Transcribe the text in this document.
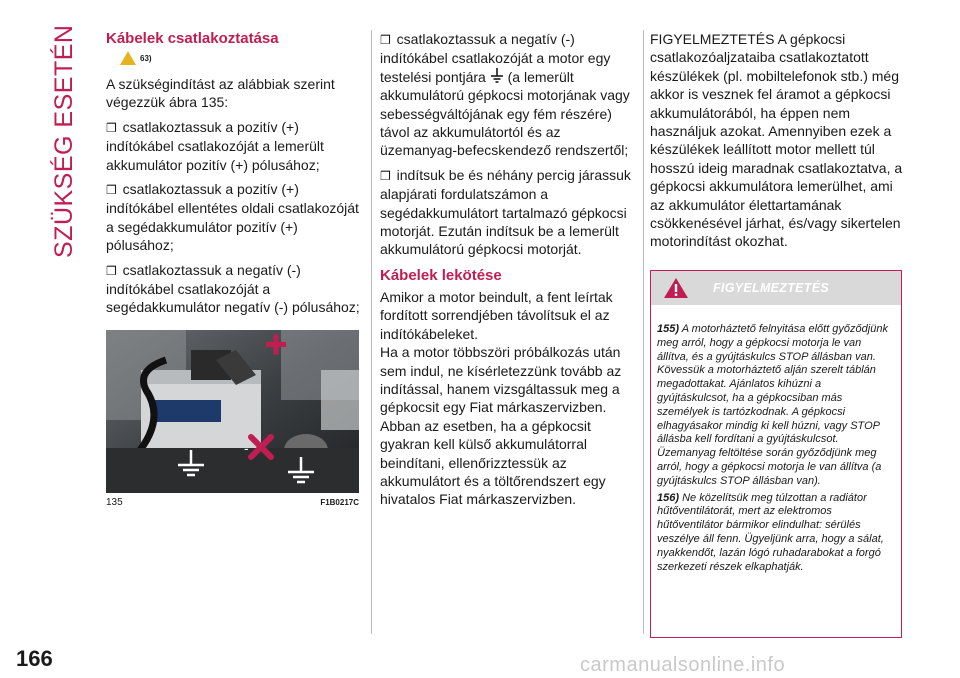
SZÜKSÉG ESETÉN
166	carmanualsonline.info
Kábelek csatlakoztatása
63)
A szükségindítást az alábbiak szerint végezzük ábra 135:
❒ csatlakoztassuk a pozitív (+) indítókábel csatlakozóját a lemerült akkumulátor pozitív (+) pólusához;
❒ csatlakoztassuk a pozitív (+) indítókábel ellentétes oldali csatlakozóját a segédakkumulátor pozitív (+) pólusához;
❒ csatlakoztassuk a negatív (-) indítókábel csatlakozóját a segédakkumulátor negatív (-) pólusához;
-
135	F1B0217C
❒ csatlakoztassuk a negatív (-) indítókábel csatlakozóját a motor egy testelési pontjára (a lemerült akkumulátorú gépkocsi motorjának vagy sebességváltójának egy fém részére) távol az akkumulátortól és az üzemanyag-befecskendező rendszertől;
❒ indítsuk be és néhány percig járassuk alapjárati fordulatszámon a segédakkumulátort tartalmazó gépkocsi motorját. Ezután indítsuk be a lemerült akkumulátorú gépkocsi motorját.
Kábelek lekötése
Amikor a motor beindult, a fent leírtak fordított sorrendjében távolítsuk el az indítókábeleket.
Ha a motor többszöri próbálkozás után sem indul, ne kísérletezzünk tovább az indítással, hanem vizsgáltassuk meg a gépkocsit egy Fiat márkaszervizben.
Abban az esetben, ha a gépkocsit gyakran kell külső akkumulátorral beindítani, ellenőrizztessük az akkumulátort és a töltőrendszert egy hivatalos Fiat márkaszervizben.
FIGYELMEZTETÉS A gépkocsi csatlakozóaljzataiba csatlakoztatott készülékek (pl. mobiltelefonok stb.) még akkor is vesznek fel áramot a gépkocsi akkumulátorából, ha éppen nem használjuk azokat. Amennyiben ezek a készülékek leállított motor mellett túl hosszú ideig maradnak csatlakoztatva, a gépkocsi akkumulátora lemerülhet, ami az akkumulátor élettartamának csökkenésével járhat, és/vagy sikertelen motorindítást okozhat.
FIGYELMEZTETÉS
155) A motorháztető felnyitása előtt győződjünk meg arról, hogy a gépkocsi motorja le van állítva, és a gyújtáskulcs STOP állásban van. Kövessük a motorháztető alján szerelt táblán megadottakat. Ajánlatos kihúzni a gyújtáskulcsot, ha a gépkocsiban más személyek is tartózkodnak. A gépkocsi elhagyásakor mindig ki kell húzni, vagy STOP állásba kell fordítani a gyújtáskulcsot. Üzemanyag feltöltése során győződjünk meg arról, hogy a gépkocsi motorja le van állítva (a gyújtáskulcs STOP állásban van).
156) Ne közelítsük meg túlzottan a radiátor hűtőventilátorát, mert az elektromos hűtőventilátor bármikor elindulhat: sérülés veszélye áll fenn. Ügyeljünk arra, hogy a sálat, nyakkendőt, lazán lógó ruhadarabokat a forgó szerkezeti részek elkaphatják.
